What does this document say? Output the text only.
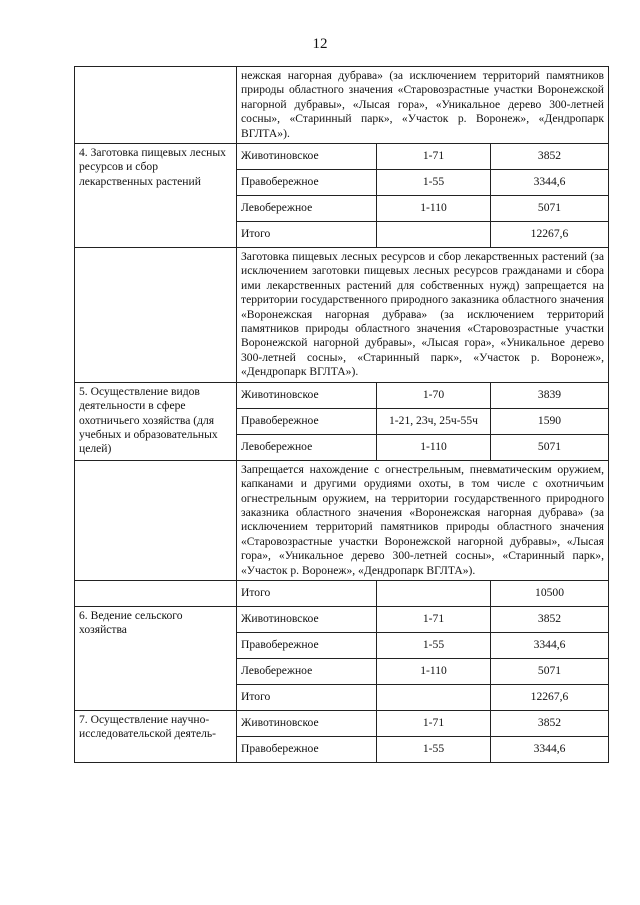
12
	нежская нагорная дубрава» (за исключением территорий памятников природы областного значения «Старовозрастные участки Воронежской нагорной дубравы», «Лысая гора», «Уникальное дерево 300-летней сосны», «Старинный парк», «Участок р. Воронеж», «Дендропарк ВГЛТА»).		
4. Заготовка пищевых лесных ресурсов и сбор лекарственных растений	Животиновское	1-71	3852
	Правобережное	1-55	3344,6
	Левобережное	1-110	5071
	Итого		12267,6
	Заготовка пищевых лесных ресурсов и сбор лекарственных растений (за исключением заготовки пищевых лесных ресурсов гражданами и сбора ими лекарственных растений для собственных нужд) запрещается на территории государственного природного заказника областного значения «Воронежская нагорная дубрава» (за исключением территорий памятников природы областного значения «Старовозрастные участки Воронежской нагорной дубравы», «Лысая гора», «Уникальное дерево 300-летней сосны», «Старинный парк», «Участок р. Воронеж», «Дендропарк ВГЛТА»).		
5. Осуществление видов деятельности в сфере охотничьего хозяйства (для учебных и образовательных целей)	Животиновское	1-70	3839
	Правобережное	1-21, 23ч, 25ч-55ч	1590
	Левобережное	1-110	5071
	Запрещается нахождение с огнестрельным, пневматическим оружием, капканами и другими орудиями охоты, в том числе с охотничьим огнестрельным оружием, на территории государственного природного заказника областного значения «Воронежская нагорная дубрава» (за исключением территорий памятников природы областного значения «Старовозрастные участки Воронежской нагорной дубравы», «Лысая гора», «Уникальное дерево 300-летней сосны», «Старинный парк», «Участок р. Воронеж», «Дендропарк ВГЛТА»).		
	Итого		10500
6. Ведение сельского хозяйства	Животиновское	1-71	3852
	Правобережное	1-55	3344,6
	Левобережное	1-110	5071
	Итого		12267,6
7. Осуществление научно-исследовательской деятель-	Животиновское	1-71	3852
	Правобережное	1-55	3344,6
